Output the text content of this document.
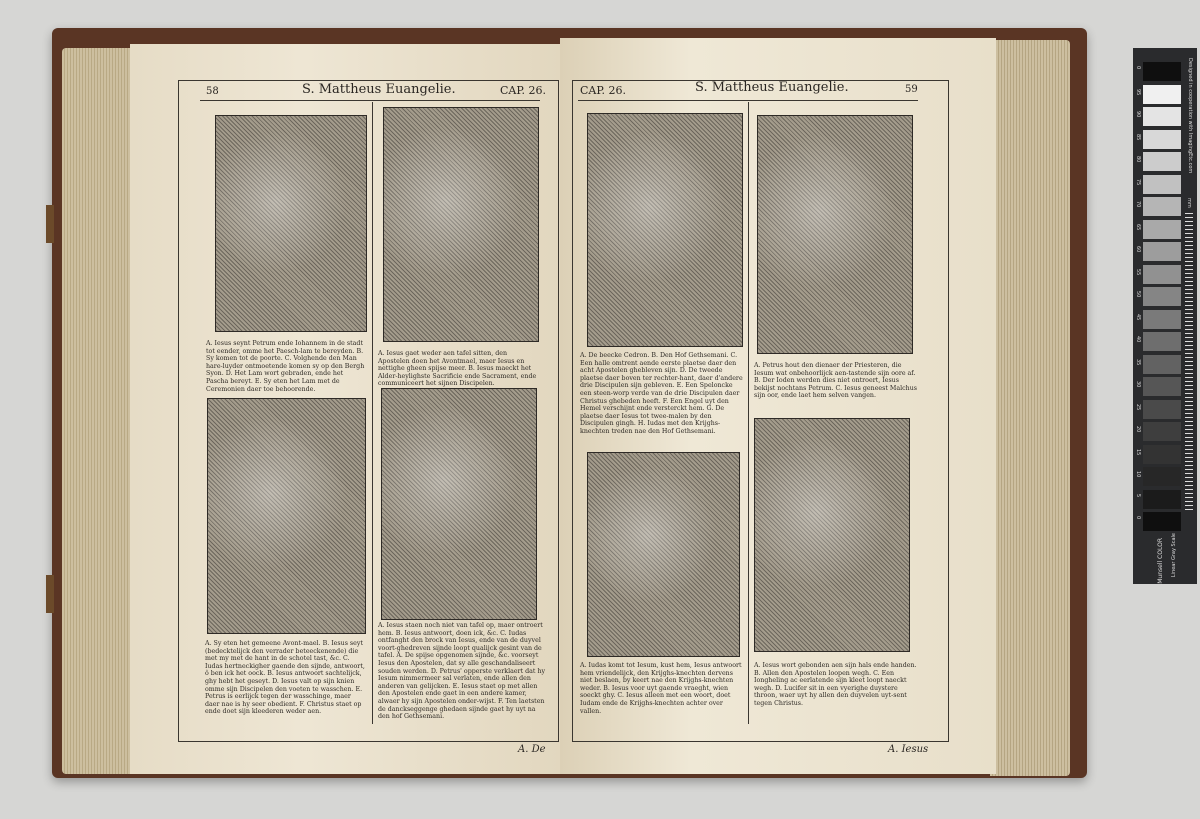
58	S. Mattheus Euangelie.	CAP. 26.
A. Iesus seynt Petrum ende Iohannem in de stadt tot eender, omme het Paesch-lam te bereyden. B. Sy komen tot de poorte. C. Volghende den Man hare-luyder ontmoetende komen sy op den Bergh Syon. D. Het Lam wort gebraden, ende het Pascha bereyt. E. Sy eten het Lam met de Ceremonien daer toe behoorende.
A. Iesus gaet weder aen tafel sitten, den Apostelen doen het Avontmael, maer Iesus en nettighe gheen spijse meer. B. Iesus maeckt het Alder-heylighste Sacrificie ende Sacrament, ende communiceert het sijnen Discipelen.
A. Sy eten het gemeene Avont-mael. B. Iesus seyt (bedecktelijck den verrader beteeckenende) die met my met de hant in de schotel tast, &c. C. Iudas hertneckigher gaende den sijnde, antwoort, ô ben ick het oock. B. Iesus antwoort sachtelijck, ghy hebt het geseyt. D. Iesus valt op sijn knien omme sijn Discipelen den voeten te wasschen. E. Petrus is eerlijck tegen der wasschinge, maer daer nae is hy seer obedient. F. Christus staet op ende doet sijn kleederen weder aen.
A. Iesus staen noch niet van tafel op, maer ontroert hem. B. Iesus antwoort, doen ick, &c. C. Iudas ontfanght den brock van Iesus, ende van de duyvel voort-ghedreven sijnde loopt qualijck gesint van de tafel. A. De spijse opgenomen sijnde, &c. voorseyt Iesus den Apostelen, dat sy alle geschandaliseert souden werden. D. Petrus' opperste verklaert dat hy Iesum nimmermeer sal verlaten, ende allen den anderen van gelijcken. E. Iesus staet op met allen den Apostelen ende gaet in een andere kamer, alwaer hy sijn Apostelen onder-wijst. F. Ten laetsten de danckseggenge ghedaen sijnde gaet hy uyt na den hof Gethsemani.
A. De
CAP. 26.	S. Mattheus Euangelie.	59
A. De beecke Cedron. B. Den Hof Gethsemani. C. Een halle omtrent aende eerste plaetse daer den acht Apostelen ghebleven sijn. D. De tweede plaetse daer boven ter rechter-hant, daer d'andere drie Discipulen sijn gebleven. E. Een Speloncke een steen-worp verde van de drie Discipulen daer Christus ghebeden heeft. F. Een Engel uyt den Hemel verschijnt ende versterckt hem. G. De plaetse daer Iesus tot twee-malen by den Discipulen gingh. H. Iudas met den Krijghs-knechten treden nae den Hof Gethsemani.
A. Petrus hout den dienaer der Priesteren, die Iesum wat onbehoorlijck aen-tastende sijn oore af. B. Der Ioden werden dies niet ontroert, Iesus bekijst nochtans Petrum. C. Iesus geneest Malchus sijn oor, ende laet hem selven vangen.
A. Iudas komt tot Iesum, kust hem, Iesus antwoort hem vriendelijck, den Krijghs-knechten dervens niet beslaen, by keert nae den Krijghs-knechten weder. B. Iesus voor uyt gaende vraeght, wien soeckt ghy. C. Iesus alleen met een woort, doet Iudam ende de Krijghs-knechten achter over vallen.
A. Iesus wort gebonden aen sijn hals ende handen. B. Allen den Apostelen loopen wegh. C. Een Iongheling ac eerlatende sijn kleet loopt naeckt wegh. D. Lucifer sit in een vyerighe duystere throon, waer uyt hy allen den duyvelen uyt-sent tegen Christus.
A. Iesus
0
95
90
85
80
75
70
65
60
55
50
45
40
35
30
25
20
15
10
5
0
Designed in cooperation with ImagingEtc.com
mm
Linear Gray Scale
Munsell COLOR
